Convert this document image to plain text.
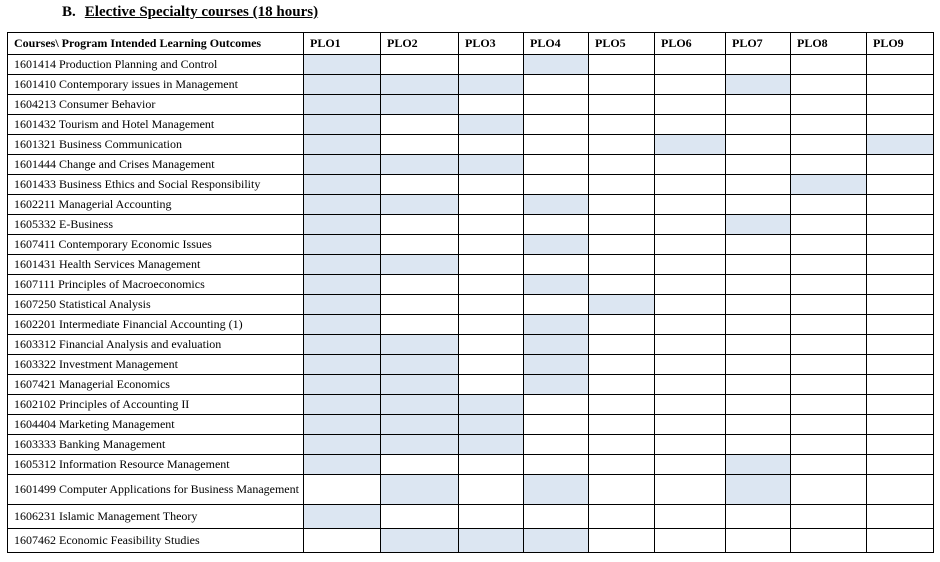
B. Elective Specialty courses (18 hours)
Courses\ Program Intended Learning Outcomes	PLO1	PLO2	PLO3	PLO4	PLO5	PLO6	PLO7	PLO8	PLO9
1601414 Production Planning and Control									
1601410 Contemporary issues in Management									
1604213 Consumer Behavior									
1601432 Tourism and Hotel Management									
1601321 Business Communication									
1601444 Change and Crises Management									
1601433 Business Ethics and Social Responsibility									
1602211 Managerial Accounting									
1605332 E-Business									
1607411 Contemporary Economic Issues									
1601431 Health Services Management									
1607111 Principles of Macroeconomics									
1607250 Statistical Analysis									
1602201 Intermediate Financial Accounting (1)									
1603312 Financial Analysis and evaluation									
1603322 Investment Management									
1607421 Managerial Economics									
1602102 Principles of Accounting II									
1604404 Marketing Management									
1603333 Banking Management									
1605312 Information Resource Management									
1601499 Computer Applications for Business Management									
1606231 Islamic Management Theory									
1607462 Economic Feasibility Studies									
